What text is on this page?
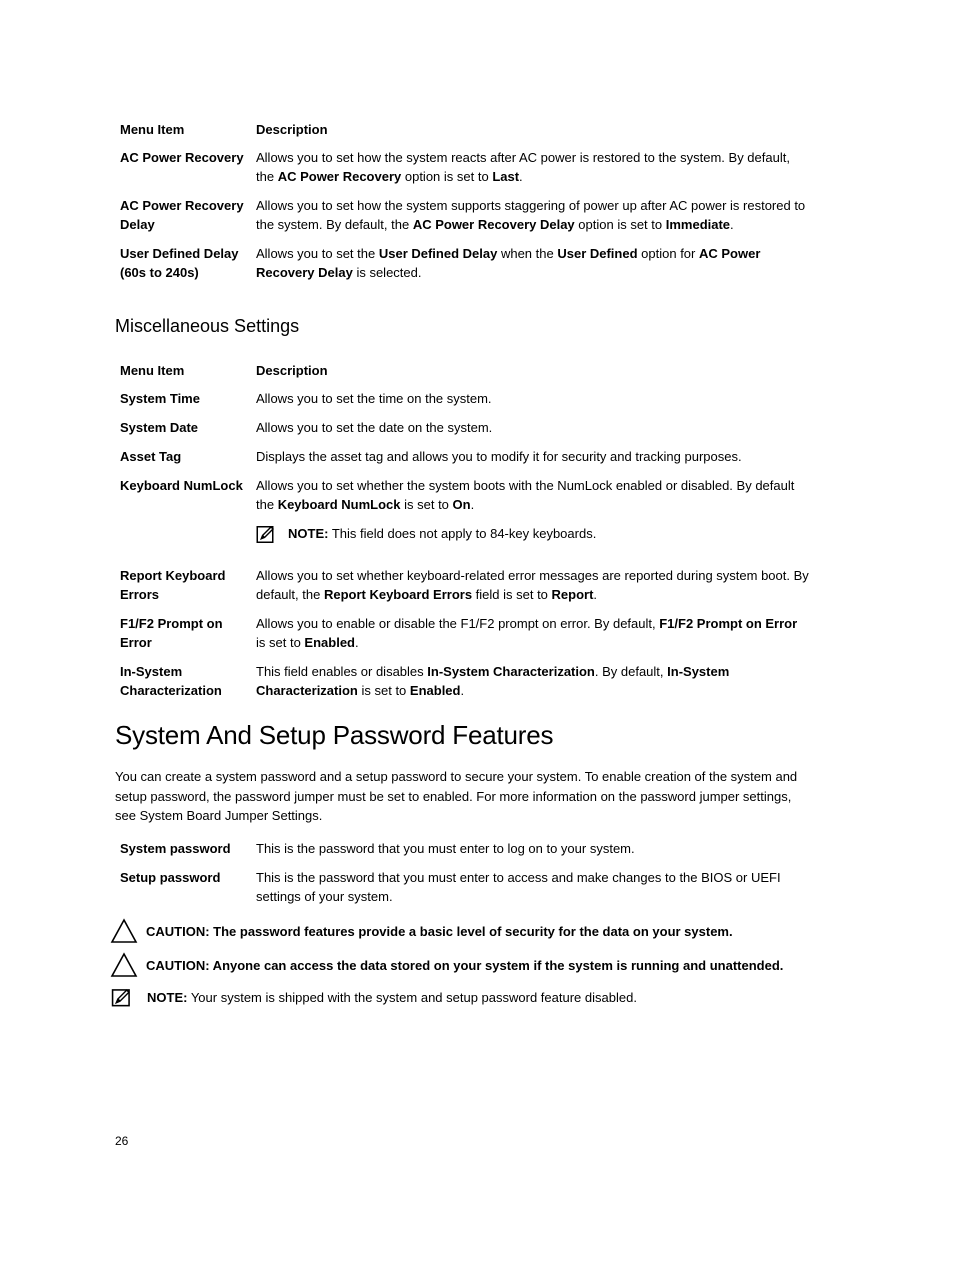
Menu Item	Description
AC Power Recovery	Allows you to set how the system reacts after AC power is restored to the system. By default, the AC Power Recovery option is set to Last.
AC Power Recovery Delay	Allows you to set how the system supports staggering of power up after AC power is restored to the system. By default, the AC Power Recovery Delay option is set to Immediate.
User Defined Delay (60s to 240s)	Allows you to set the User Defined Delay when the User Defined option for AC Power Recovery Delay is selected.
Miscellaneous Settings
Menu Item	Description
System Time	Allows you to set the time on the system.
System Date	Allows you to set the date on the system.
Asset Tag	Displays the asset tag and allows you to modify it for security and tracking purposes.
Keyboard NumLock	Allows you to set whether the system boots with the NumLock enabled or disabled. By default the Keyboard NumLock is set to On.
NOTE: This field does not apply to 84-key keyboards.

Report Keyboard Errors	Allows you to set whether keyboard-related error messages are reported during system boot. By default, the Report Keyboard Errors field is set to Report.
F1/F2 Prompt on Error	Allows you to enable or disable the F1/F2 prompt on error. By default, F1/F2 Prompt on Error is set to Enabled.
In-System Characterization	This field enables or disables In-System Characterization. By default, In-System Characterization is set to Enabled.
System And Setup Password Features

You can create a system password and a setup password to secure your system. To enable creation of the system and setup password, the password jumper must be set to enabled. For more information on the password jumper settings, see System Board Jumper Settings.

System password	This is the password that you must enter to log on to your system.
Setup password	This is the password that you must enter to access and make changes to the BIOS or UEFI settings of your system.
CAUTION: The password features provide a basic level of security for the data on your system.
CAUTION: Anyone can access the data stored on your system if the system is running and unattended.
NOTE: Your system is shipped with the system and setup password feature disabled.
26
